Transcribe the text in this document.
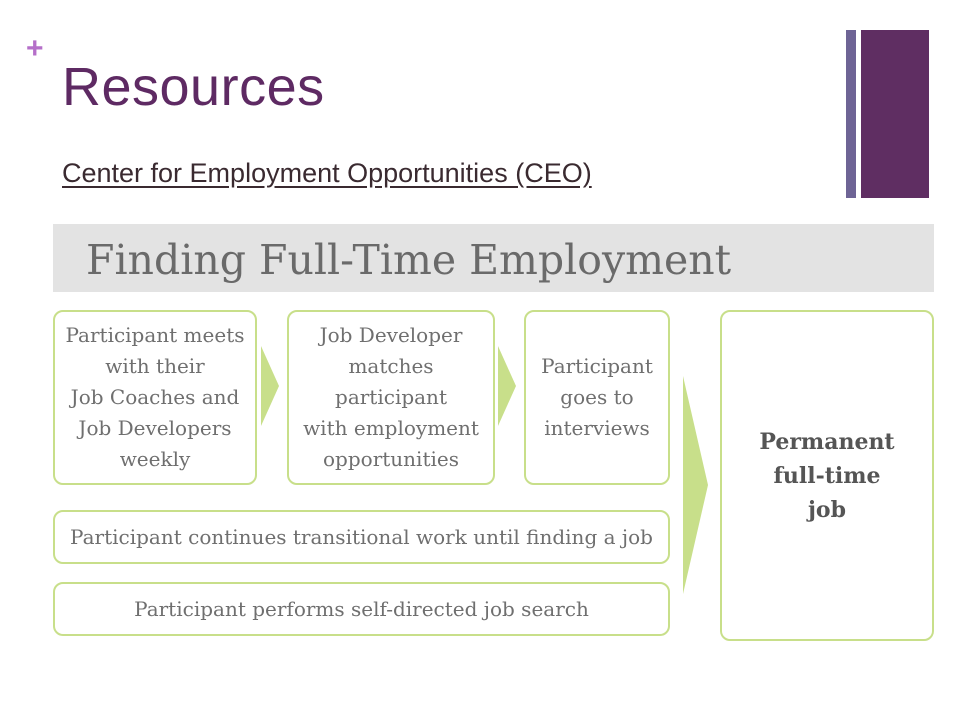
+
Resources
Center for Employment Opportunities (CEO)
Finding Full-Time Employment
Participant meets
with their
Job Coaches and
Job Developers
weekly
Job Developer
matches participant
with employment
opportunities
Participant
goes to
interviews
Participant continues transitional work until finding a job
Participant performs self-directed job search
Permanent
full-time
job
